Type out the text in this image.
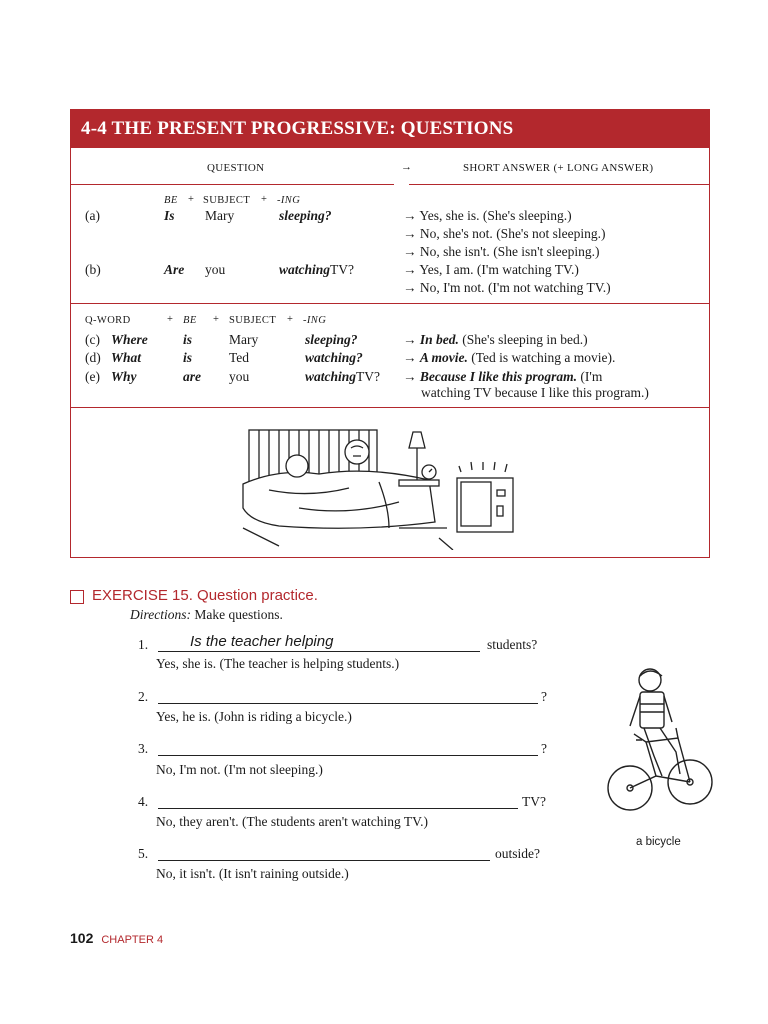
4-4 THE PRESENT PROGRESSIVE: QUESTIONS
QUESTION	→	SHORT ANSWER (+ LONG ANSWER)
BE + SUBJECT + -ING
(a)	Is Mary	sleeping?	→ Yes, she is. (She's sleeping.)
→ No, she's not. (She's not sleeping.)
→ No, she isn't. (She isn't sleeping.)
(b)	Are you	watchingTV?	→ Yes, I am. (I'm watching TV.)
→ No, I'm not. (I'm not watching TV.)
Q-WORD	+ BE + SUBJECT + -ING
(c) Where	is	Mary	sleeping?	→ In bed. (She's sleeping in bed.)
(d) What	is	Ted	watching?	→ A movie. (Ted is watching a movie).
(e) Why	are you	watchingTV? → Because I like this program. (I'm
watching TV because I like this program.)
EXERCISE 15. Question practice.
Directions: Make questions.
1.	Is the teacher helping	students?
Yes, she is. (The teacher is helping students.)
2.	?
Yes, he is. (John is riding a bicycle.)
3.	?
No, I'm not. (I'm not sleeping.)
4.	TV?
No, they aren't. (The students aren't watching TV.)
5.	outside?
No, it isn't. (It isn't raining outside.)
a bicycle
102 CHAPTER 4
